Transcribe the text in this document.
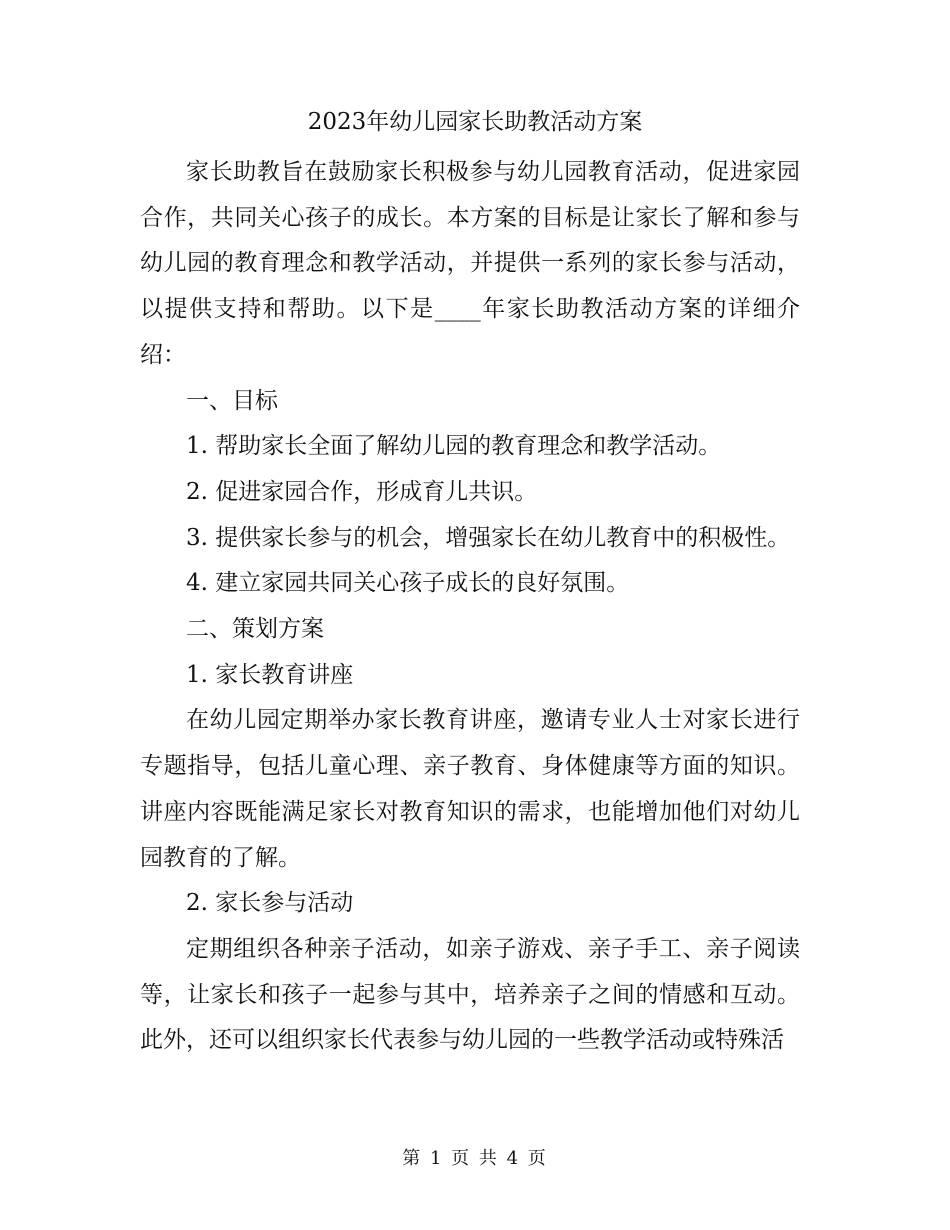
2023年幼儿园家长助教活动方案

家长助教旨在鼓励家长积极参与幼儿园教育活动，促进家园合作，共同关心孩子的成长。本方案的目标是让家长了解和参与幼儿园的教育理念和教学活动，并提供一系列的家长参与活动，以提供支持和帮助。以下是____年家长助教活动方案的详细介绍：

一、目标

1. 帮助家长全面了解幼儿园的教育理念和教学活动。

2. 促进家园合作，形成育儿共识。

3. 提供家长参与的机会，增强家长在幼儿教育中的积极性。

4. 建立家园共同关心孩子成长的良好氛围。

二、策划方案

1. 家长教育讲座

在幼儿园定期举办家长教育讲座，邀请专业人士对家长进行专题指导，包括儿童心理、亲子教育、身体健康等方面的知识。讲座内容既能满足家长对教育知识的需求，也能增加他们对幼儿园教育的了解。

2. 家长参与活动

定期组织各种亲子活动，如亲子游戏、亲子手工、亲子阅读等，让家长和孩子一起参与其中，培养亲子之间的情感和互动。此外，还可以组织家长代表参与幼儿园的一些教学活动或特殊活

第 1 页 共 4 页
